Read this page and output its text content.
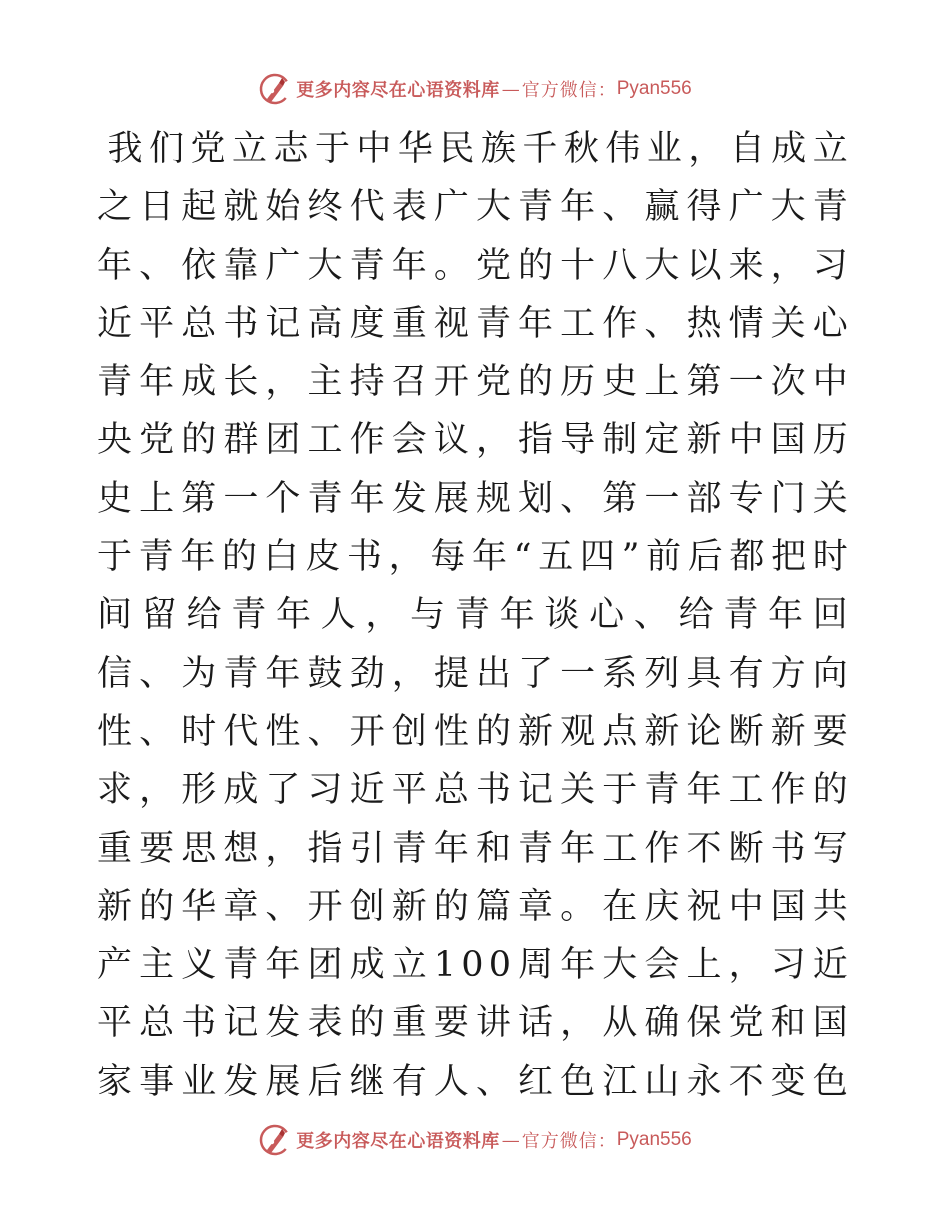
更多内容尽在心语资料库 — 官方微信： Pyan556

我们党立志于中华民族千秋伟业，自成立之日起就始终代表广大青年、赢得广大青年、依靠广大青年。党的十八大以来，习近平总书记高度重视青年工作、热情关心青年成长，主持召开党的历史上第一次中央党的群团工作会议，指导制定新中国历史上第一个青年发展规划、第一部专门关于青年的白皮书，每年“五四”前后都把时间留给青年人，与青年谈心、给青年回信、为青年鼓劲，提出了一系列具有方向性、时代性、开创性的新观点新论断新要求，形成了习近平总书记关于青年工作的重要思想，指引青年和青年工作不断书写新的华章、开创新的篇章。在庆祝中国共产主义青年团成立100周年大会上，习近平总书记发表的重要讲话，从确保党和国家事业发展后继有人、红色江山永不变色

更多内容尽在心语资料库 — 官方微信： Pyan556
